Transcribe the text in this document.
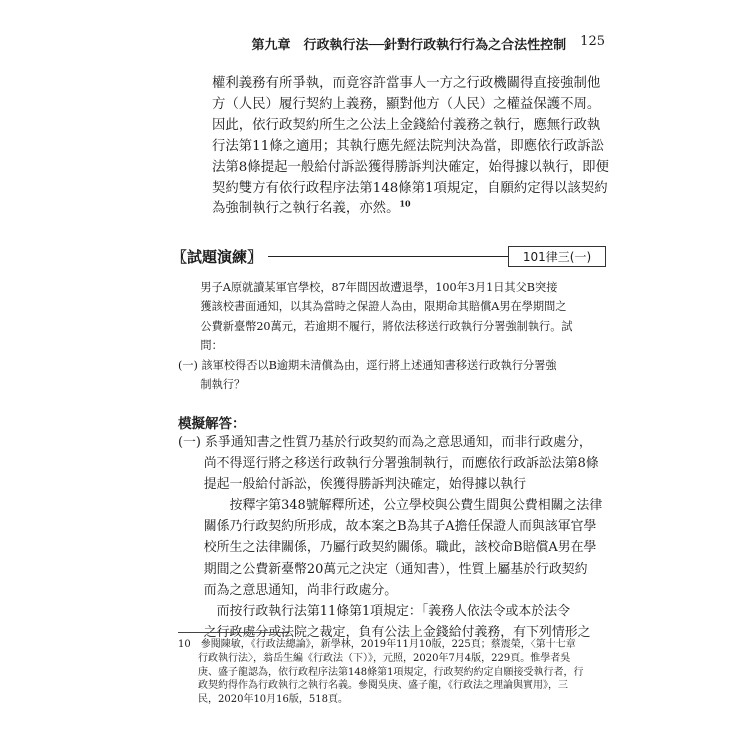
第九章　行政執行法──針對行政執行行為之合法性控制 125

權利義務有所爭執，而竟容許當事人一方之行政機關得直接強制他
方（人民）履行契約上義務，顯對他方（人民）之權益保護不周。
因此，依行政契約所生之公法上金錢給付義務之執行，應無行政執
行法第11條之適用；其執行應先經法院判決為當，即應依行政訴訟
法第8條提起一般給付訴訟獲得勝訴判決確定，始得據以執行，即便
契約雙方有依行政程序法第148條第1項規定，自願約定得以該契約
為強制執行之執行名義，亦然。$^{10}$

〖試題演練〗	101律三(一)

　　男子A原就讀某軍官學校，87年間因故遭退學，100年3月1日其父B突接
　　獲該校書面通知，以其為當時之保證人為由，限期命其賠償A男在學期間之
　　公費新臺幣20萬元，若逾期不履行，將依法移送行政執行分署強制執行。試
　　問：
(一) 該軍校得否以B逾期未清償為由，逕行將上述通知書移送行政執行分署強
　　制執行？

模擬解答：

(一) 系爭通知書之性質乃基於行政契約而為之意思通知，而非行政處分，
　　尚不得逕行將之移送行政執行分署強制執行，而應依行政訴訟法第8條
　　提起一般給付訴訟，俟獲得勝訴判決確定，始得據以執行
　　　　按釋字第348號解釋所述，公立學校與公費生間與公費相關之法律
　　關係乃行政契約所形成，故本案之B為其子A擔任保證人而與該軍官學
　　校所生之法律關係，乃屬行政契約關係。職此，該校命B賠償A男在學
　　期間之公費新臺幣20萬元之決定（通知書），性質上屬基於行政契約
　　而為之意思通知，尚非行政處分。
　　　而按行政執行法第11條第1項規定：「義務人依法令或本於法令
　　之行政處分或法院之裁定，負有公法上金錢給付義務，有下列情形之

10　參閱陳敏，《行政法總論》，新學林，2019年11月10版，225頁；蔡震榮，〈第十七章
　　行政執行法〉，翁岳生編《行政法（下）》，元照，2020年7月4版，229頁。惟學者吳
　　庚、盛子龍認為，依行政程序法第148條第1項規定，行政契約約定自願接受執行者，行
　　政契約得作為行政執行之執行名義。參閱吳庚、盛子龍，《行政法之理論與實用》，三
　　民，2020年10月16版，518頁。
